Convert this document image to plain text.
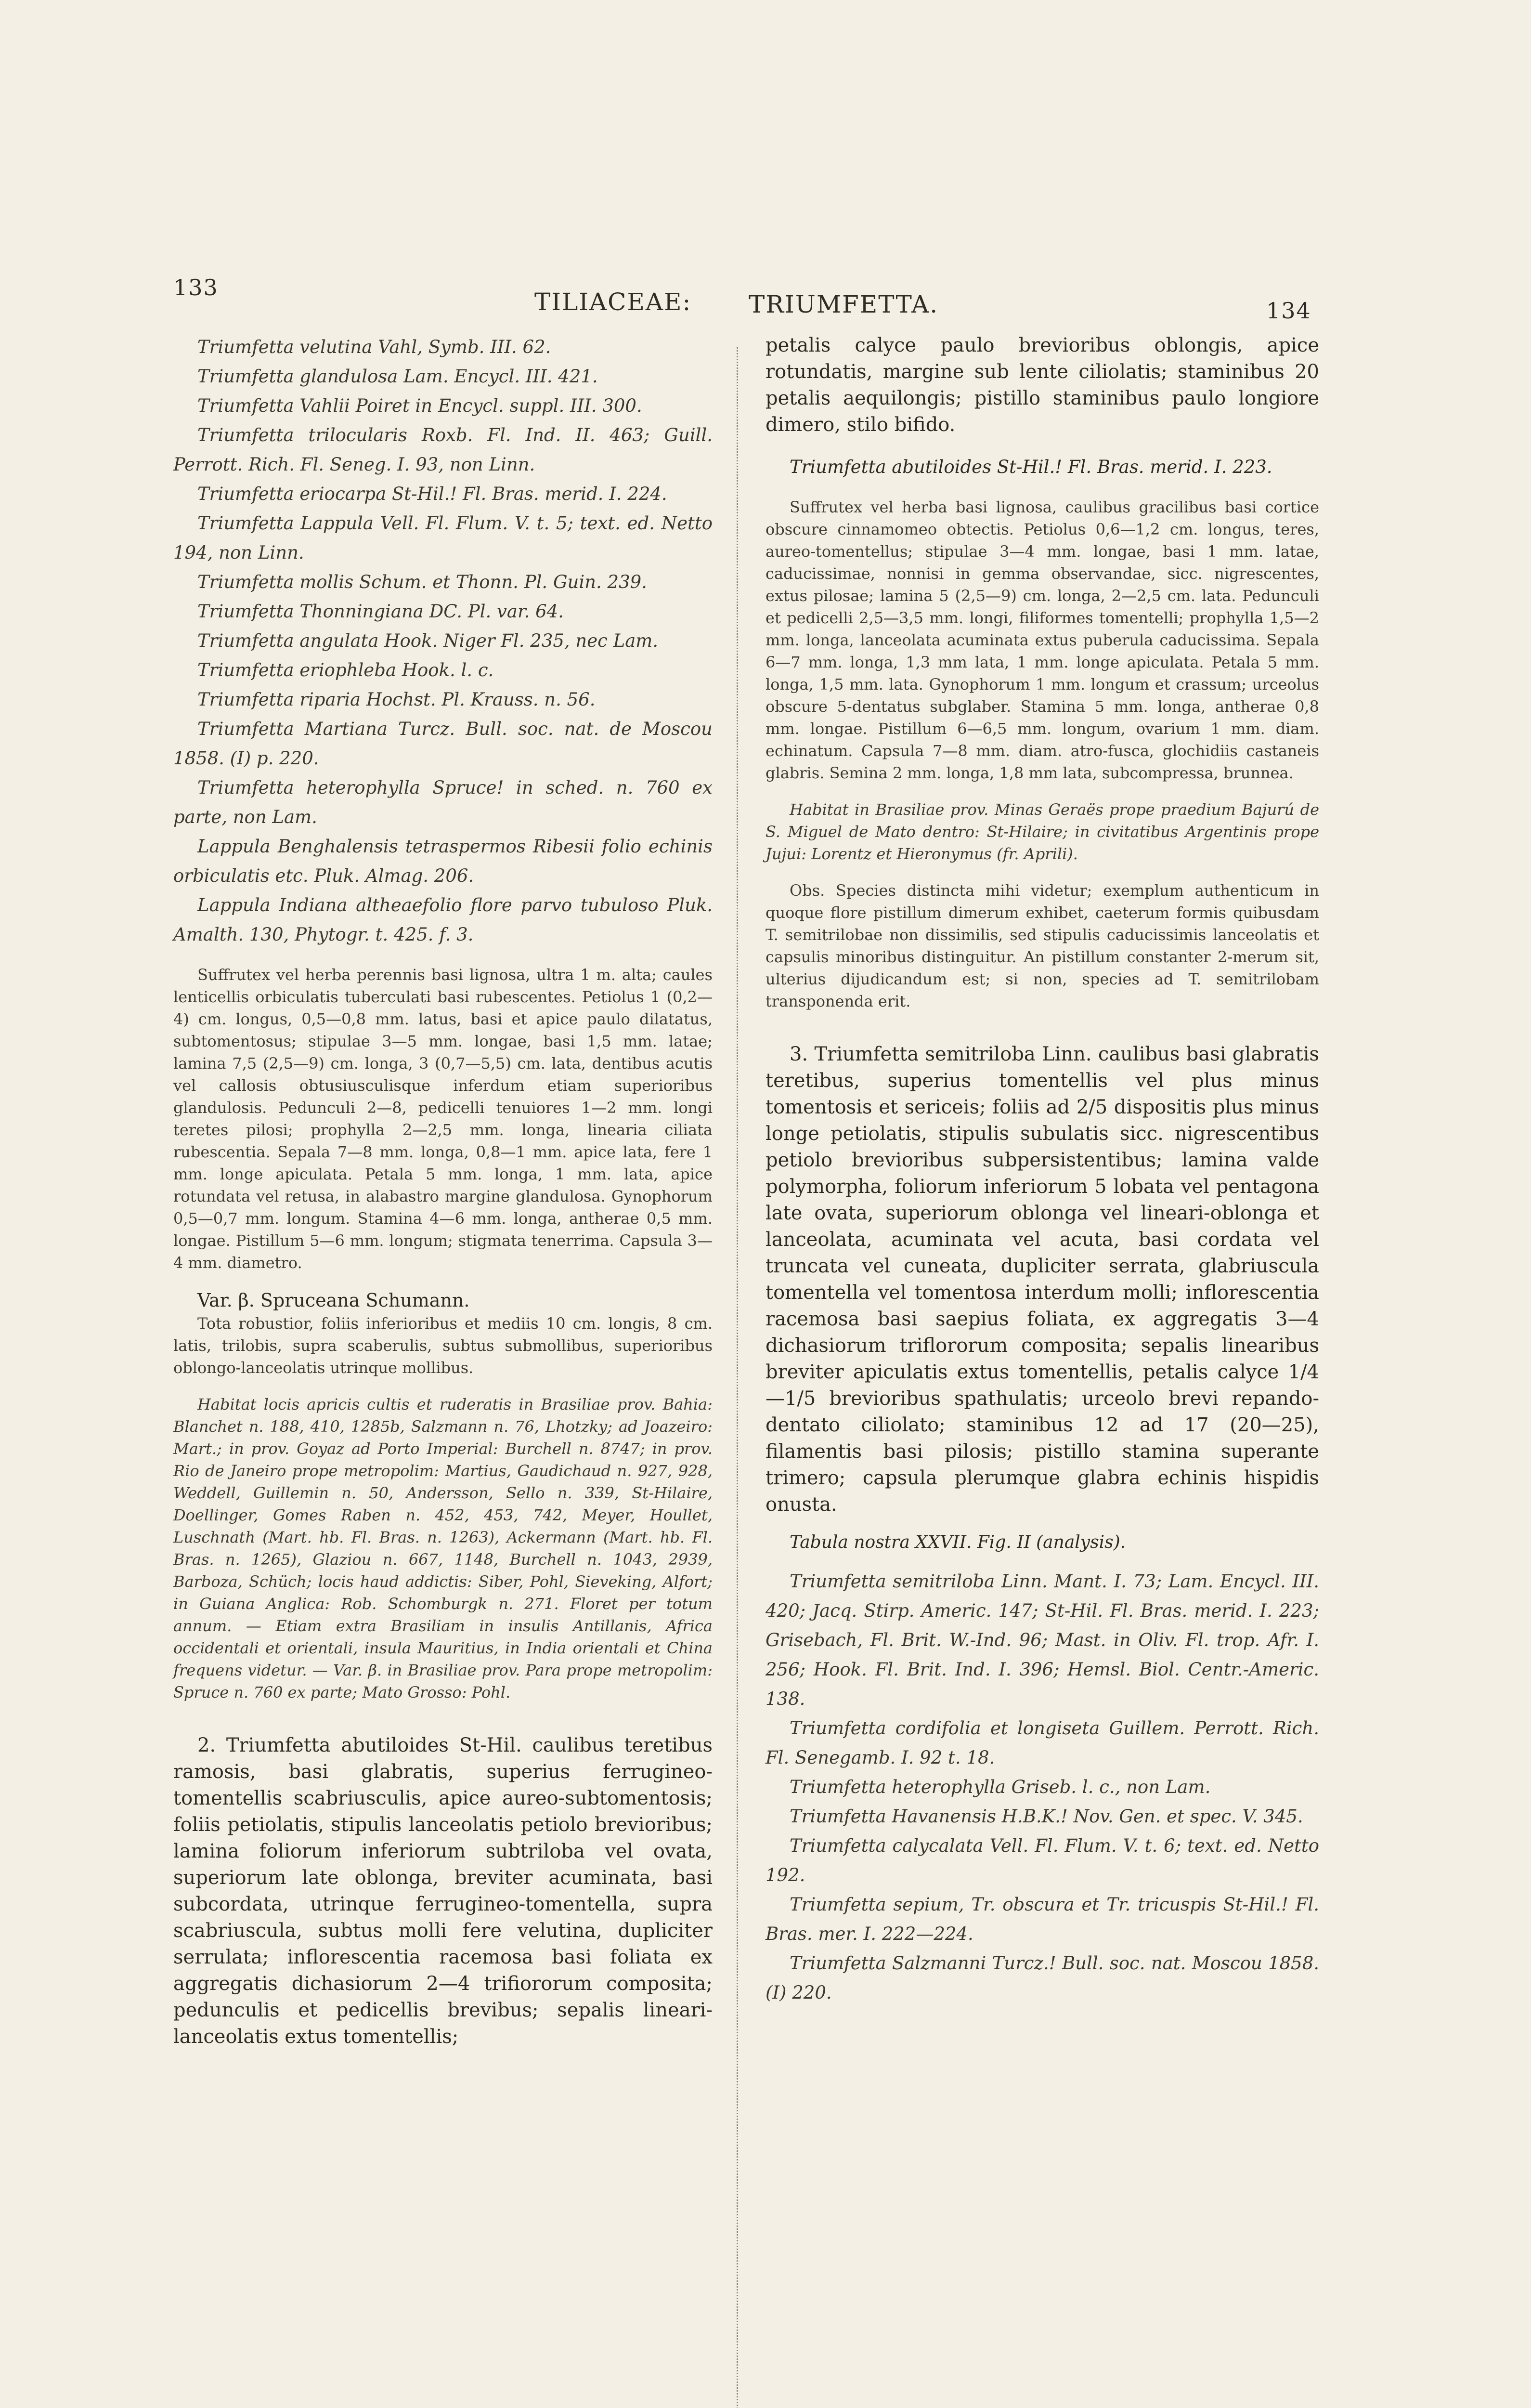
133
TILIACEAE: TRIUMFETTA.	134

Triumfetta velutina Vahl, Symb. III. 62.

Triumfetta glandulosa Lam. Encycl. III. 421.

Triumfetta Vahlii Poiret in Encycl. suppl. III. 300.

Triumfetta trilocularis Roxb. Fl. Ind. II. 463; Guill. Perrott. Rich. Fl. Seneg. I. 93, non Linn.

Triumfetta eriocarpa St-Hil.! Fl. Bras. merid. I. 224.

Triumfetta Lappula Vell. Fl. Flum. V. t. 5; text. ed. Netto 194, non Linn.

Triumfetta mollis Schum. et Thonn. Pl. Guin. 239.

Triumfetta Thonningiana DC. Pl. var. 64.

Triumfetta angulata Hook. Niger Fl. 235, nec Lam.

Triumfetta eriophleba Hook. l. c.

Triumfetta riparia Hochst. Pl. Krauss. n. 56.

Triumfetta Martiana Turcz. Bull. soc. nat. de Moscou 1858. (I) p. 220.

Triumfetta heterophylla Spruce! in sched. n. 760 ex parte, non Lam.

Lappula Benghalensis tetraspermos Ribesii folio echinis orbiculatis etc. Pluk. Almag. 206.

Lappula Indiana altheaefolio flore parvo tubuloso Pluk. Amalth. 130, Phytogr. t. 425. f. 3.

Suffrutex vel herba perennis basi lignosa, ultra 1 m. alta; caules lenticellis orbiculatis tuberculati basi rubescentes. Petiolus 1 (0,2—4) cm. longus, 0,5—0,8 mm. latus, basi et apice paulo dilatatus, subtomentosus; stipulae 3—5 mm. longae, basi 1,5 mm. latae; lamina 7,5 (2,5—9) cm. longa, 3 (0,7—5,5) cm. lata, dentibus acutis vel callosis obtusiusculisque inferdum etiam superioribus glandulosis. Pedunculi 2—8, pedicelli tenuiores 1—2 mm. longi teretes pilosi; prophylla 2—2,5 mm. longa, linearia ciliata rubescentia. Sepala 7—8 mm. longa, 0,8—1 mm. apice lata, fere 1 mm. longe apiculata. Petala 5 mm. longa, 1 mm. lata, apice rotundata vel retusa, in alabastro margine glandulosa. Gynophorum 0,5—0,7 mm. longum. Stamina 4—6 mm. longa, antherae 0,5 mm. longae. Pistillum 5—6 mm. longum; stigmata tenerrima. Capsula 3—4 mm. diametro.

Var. β. Spruceana Schumann.

Tota robustior, foliis inferioribus et mediis 10 cm. longis, 8 cm. latis, trilobis, supra scaberulis, subtus submollibus, superioribus oblongo-lanceolatis utrinque mollibus.

Habitat locis apricis cultis et ruderatis in Brasiliae prov. Bahia: Blanchet n. 188, 410, 1285b, Salzmann n. 76, Lhotzky; ad Joazeiro: Mart.; in prov. Goyaz ad Porto Imperial: Burchell n. 8747; in prov. Rio de Janeiro prope metropolim: Martius, Gaudichaud n. 927, 928, Weddell, Guillemin n. 50, Andersson, Sello n. 339, St-Hilaire, Doellinger, Gomes Raben n. 452, 453, 742, Meyer, Houllet, Luschnath (Mart. hb. Fl. Bras. n. 1263), Ackermann (Mart. hb. Fl. Bras. n. 1265), Glaziou n. 667, 1148, Burchell n. 1043, 2939, Barboza, Schüch; locis haud addictis: Siber, Pohl, Sieveking, Alfort; in Guiana Anglica: Rob. Schomburgk n. 271. Floret per totum annum. — Etiam extra Brasiliam in insulis Antillanis, Africa occidentali et orientali, insula Mauritius, in India orientali et China frequens videtur. — Var. β. in Brasiliae prov. Para prope metropolim: Spruce n. 760 ex parte; Mato Grosso: Pohl.

2. Triumfetta abutiloides St-Hil. caulibus teretibus ramosis, basi glabratis, superius ferrugineo-tomentellis scabriusculis, apice aureo-subtomentosis; foliis petiolatis, stipulis lanceolatis petiolo brevioribus; lamina foliorum inferiorum subtriloba vel ovata, superiorum late oblonga, breviter acuminata, basi subcordata, utrinque ferrugineo-tomentella, supra scabriuscula, subtus molli fere velutina, dupliciter serrulata; inflorescentia racemosa basi foliata ex aggregatis dichasiorum 2—4 trifiororum composita; pedunculis et pedicellis brevibus; sepalis lineari-lanceolatis extus tomentellis;

petalis calyce paulo brevioribus oblongis, apice rotundatis, margine sub lente ciliolatis; staminibus 20 petalis aequilongis; pistillo staminibus paulo longiore dimero, stilo bifido.

Triumfetta abutiloides St-Hil.! Fl. Bras. merid. I. 223.

Suffrutex vel herba basi lignosa, caulibus gracilibus basi cortice obscure cinnamomeo obtectis. Petiolus 0,6—1,2 cm. longus, teres, aureo-tomentellus; stipulae 3—4 mm. longae, basi 1 mm. latae, caducissimae, nonnisi in gemma observandae, sicc. nigrescentes, extus pilosae; lamina 5 (2,5—9) cm. longa, 2—2,5 cm. lata. Pedunculi et pedicelli 2,5—3,5 mm. longi, filiformes tomentelli; prophylla 1,5—2 mm. longa, lanceolata acuminata extus puberula caducissima. Sepala 6—7 mm. longa, 1,3 mm lata, 1 mm. longe apiculata. Petala 5 mm. longa, 1,5 mm. lata. Gynophorum 1 mm. longum et crassum; urceolus obscure 5-dentatus subglaber. Stamina 5 mm. longa, antherae 0,8 mm. longae. Pistillum 6—6,5 mm. longum, ovarium 1 mm. diam. echinatum. Capsula 7—8 mm. diam. atro-fusca, glochidiis castaneis glabris. Semina 2 mm. longa, 1,8 mm lata, subcompressa, brunnea.

Habitat in Brasiliae prov. Minas Geraës prope praedium Bajurú de S. Miguel de Mato dentro: St-Hilaire; in civitatibus Argentinis prope Jujui: Lorentz et Hieronymus (fr. Aprili).

Obs. Species distincta mihi videtur; exemplum authenticum in quoque flore pistillum dimerum exhibet, caeterum formis quibusdam T. semitrilobae non dissimilis, sed stipulis caducissimis lanceolatis et capsulis minoribus distinguitur. An pistillum constanter 2-merum sit, ulterius dijudicandum est; si non, species ad T. semitrilobam transponenda erit.

3. Triumfetta semitriloba Linn. caulibus basi glabratis teretibus, superius tomentellis vel plus minus tomentosis et sericeis; foliis ad 2/5 dispositis plus minus longe petiolatis, stipulis subulatis sicc. nigrescentibus petiolo brevioribus subpersistentibus; lamina valde polymorpha, foliorum inferiorum 5 lobata vel pentagona late ovata, superiorum oblonga vel lineari-oblonga et lanceolata, acuminata vel acuta, basi cordata vel truncata vel cuneata, dupliciter serrata, glabriuscula tomentella vel tomentosa interdum molli; inflorescentia racemosa basi saepius foliata, ex aggregatis 3—4 dichasiorum triflororum composita; sepalis linearibus breviter apiculatis extus tomentellis, petalis calyce 1/4—1/5 brevioribus spathulatis; urceolo brevi repando-dentato ciliolato; staminibus 12 ad 17 (20—25), filamentis basi pilosis; pistillo stamina superante trimero; capsula plerumque glabra echinis hispidis onusta.

Tabula nostra XXVII. Fig. II (analysis).

Triumfetta semitriloba Linn. Mant. I. 73; Lam. Encycl. III. 420; Jacq. Stirp. Americ. 147; St-Hil. Fl. Bras. merid. I. 223; Grisebach, Fl. Brit. W.-Ind. 96; Mast. in Oliv. Fl. trop. Afr. I. 256; Hook. Fl. Brit. Ind. I. 396; Hemsl. Biol. Centr.-Americ. 138.

Triumfetta cordifolia et longiseta Guillem. Perrott. Rich. Fl. Senegamb. I. 92 t. 18.

Triumfetta heterophylla Griseb. l. c., non Lam.

Triumfetta Havanensis H.B.K.! Nov. Gen. et spec. V. 345.

Triumfetta calycalata Vell. Fl. Flum. V. t. 6; text. ed. Netto 192.

Triumfetta sepium, Tr. obscura et Tr. tricuspis St-Hil.! Fl. Bras. mer. I. 222—224.

Triumfetta Salzmanni Turcz.! Bull. soc. nat. Moscou 1858. (I) 220.
